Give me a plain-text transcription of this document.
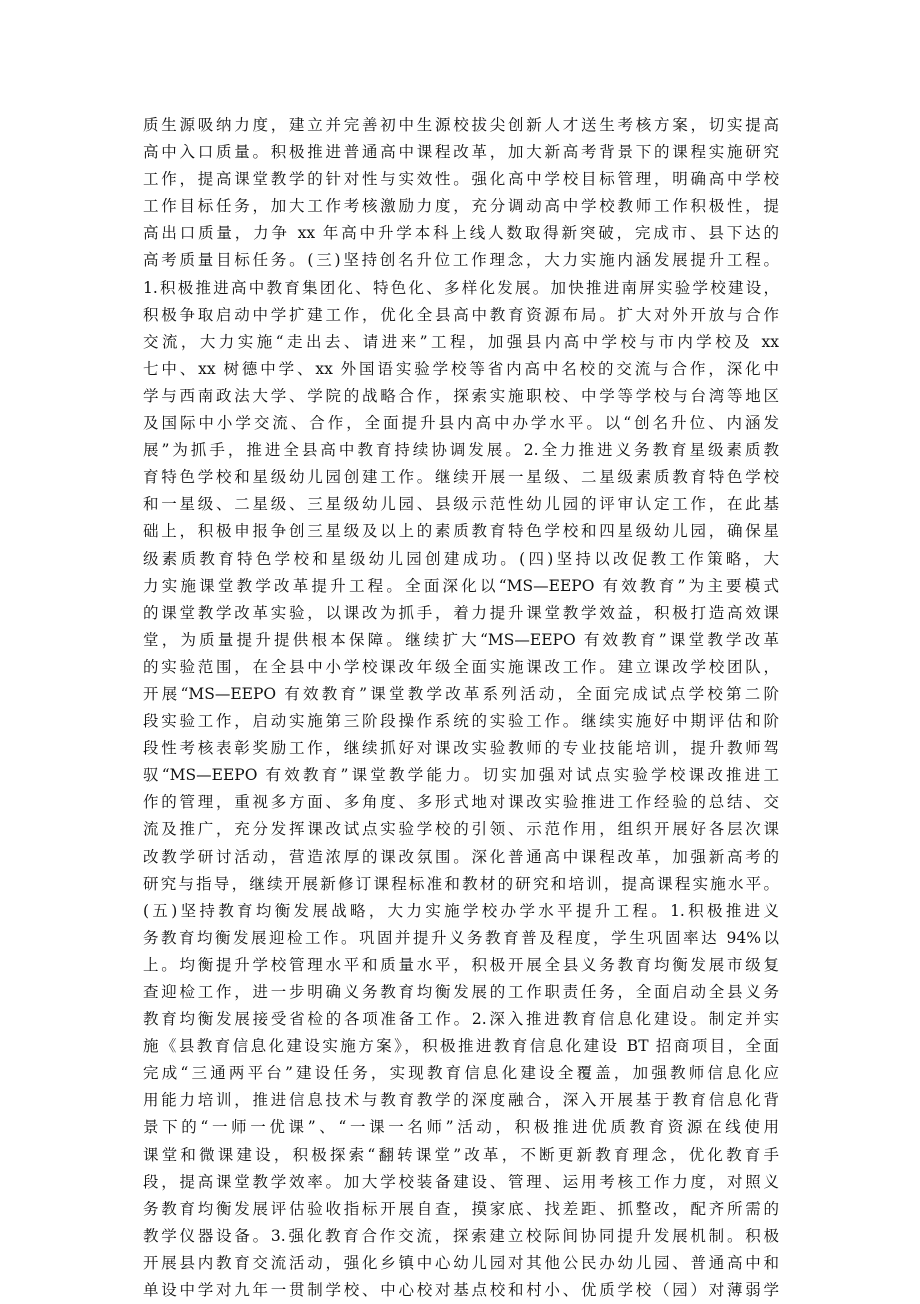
质生源吸纳力度，建立并完善初中生源校拔尖创新人才送生考核方案，切实提高
高中入口质量。积极推进普通高中课程改革，加大新高考背景下的课程实施研究
工作，提高课堂教学的针对性与实效性。强化高中学校目标管理，明确高中学校
工作目标任务，加大工作考核激励力度，充分调动高中学校教师工作积极性，提
高出口质量，力争 xx 年高中升学本科上线人数取得新突破，完成市、县下达的
高考质量目标任务。(三)坚持创名升位工作理念，大力实施内涵发展提升工程。
1.积极推进高中教育集团化、特色化、多样化发展。加快推进南屏实验学校建设，
积极争取启动中学扩建工作，优化全县高中教育资源布局。扩大对外开放与合作
交流，大力实施“走出去、请进来”工程，加强县内高中学校与市内学校及 xx
七中、xx 树德中学、xx 外国语实验学校等省内高中名校的交流与合作，深化中
学与西南政法大学、学院的战略合作，探索实施职校、中学等学校与台湾等地区
及国际中小学交流、合作，全面提升县内高中办学水平。以“创名升位、内涵发
展”为抓手，推进全县高中教育持续协调发展。2.全力推进义务教育星级素质教
育特色学校和星级幼儿园创建工作。继续开展一星级、二星级素质教育特色学校
和一星级、二星级、三星级幼儿园、县级示范性幼儿园的评审认定工作，在此基
础上，积极申报争创三星级及以上的素质教育特色学校和四星级幼儿园，确保星
级素质教育特色学校和星级幼儿园创建成功。(四)坚持以改促教工作策略，大
力实施课堂教学改革提升工程。全面深化以“MS—EEPO 有效教育”为主要模式
的课堂教学改革实验，以课改为抓手，着力提升课堂教学效益，积极打造高效课
堂，为质量提升提供根本保障。继续扩大“MS—EEPO 有效教育”课堂教学改革
的实验范围，在全县中小学校课改年级全面实施课改工作。建立课改学校团队，
开展“MS—EEPO 有效教育”课堂教学改革系列活动，全面完成试点学校第二阶
段实验工作，启动实施第三阶段操作系统的实验工作。继续实施好中期评估和阶
段性考核表彰奖励工作，继续抓好对课改实验教师的专业技能培训，提升教师驾
驭“MS—EEPO 有效教育”课堂教学能力。切实加强对试点实验学校课改推进工
作的管理，重视多方面、多角度、多形式地对课改实验推进工作经验的总结、交
流及推广，充分发挥课改试点实验学校的引领、示范作用，组织开展好各层次课
改教学研讨活动，营造浓厚的课改氛围。深化普通高中课程改革，加强新高考的
研究与指导，继续开展新修订课程标准和教材的研究和培训，提高课程实施水平。
(五)坚持教育均衡发展战略，大力实施学校办学水平提升工程。1.积极推进义
务教育均衡发展迎检工作。巩固并提升义务教育普及程度，学生巩固率达 94%以
上。均衡提升学校管理水平和质量水平，积极开展全县义务教育均衡发展市级复
查迎检工作，进一步明确义务教育均衡发展的工作职责任务，全面启动全县义务
教育均衡发展接受省检的各项准备工作。2.深入推进教育信息化建设。制定并实
施《县教育信息化建设实施方案》，积极推进教育信息化建设 BT 招商项目，全面
完成“三通两平台”建设任务，实现教育信息化建设全覆盖，加强教师信息化应
用能力培训，推进信息技术与教育教学的深度融合，深入开展基于教育信息化背
景下的“一师一优课”、“一课一名师”活动，积极推进优质教育资源在线使用
课堂和微课建设，积极探索“翻转课堂”改革，不断更新教育理念，优化教育手
段，提高课堂教学效率。加大学校装备建设、管理、运用考核工作力度，对照义
务教育均衡发展评估验收指标开展自查，摸家底、找差距、抓整改，配齐所需的
教学仪器设备。3.强化教育合作交流，探索建立校际间协同提升发展机制。积极
开展县内教育交流活动，强化乡镇中心幼儿园对其他公民办幼儿园、普通高中和
单设中学对九年一贯制学校、中心校对基点校和村小、优质学校（园）对薄弱学
